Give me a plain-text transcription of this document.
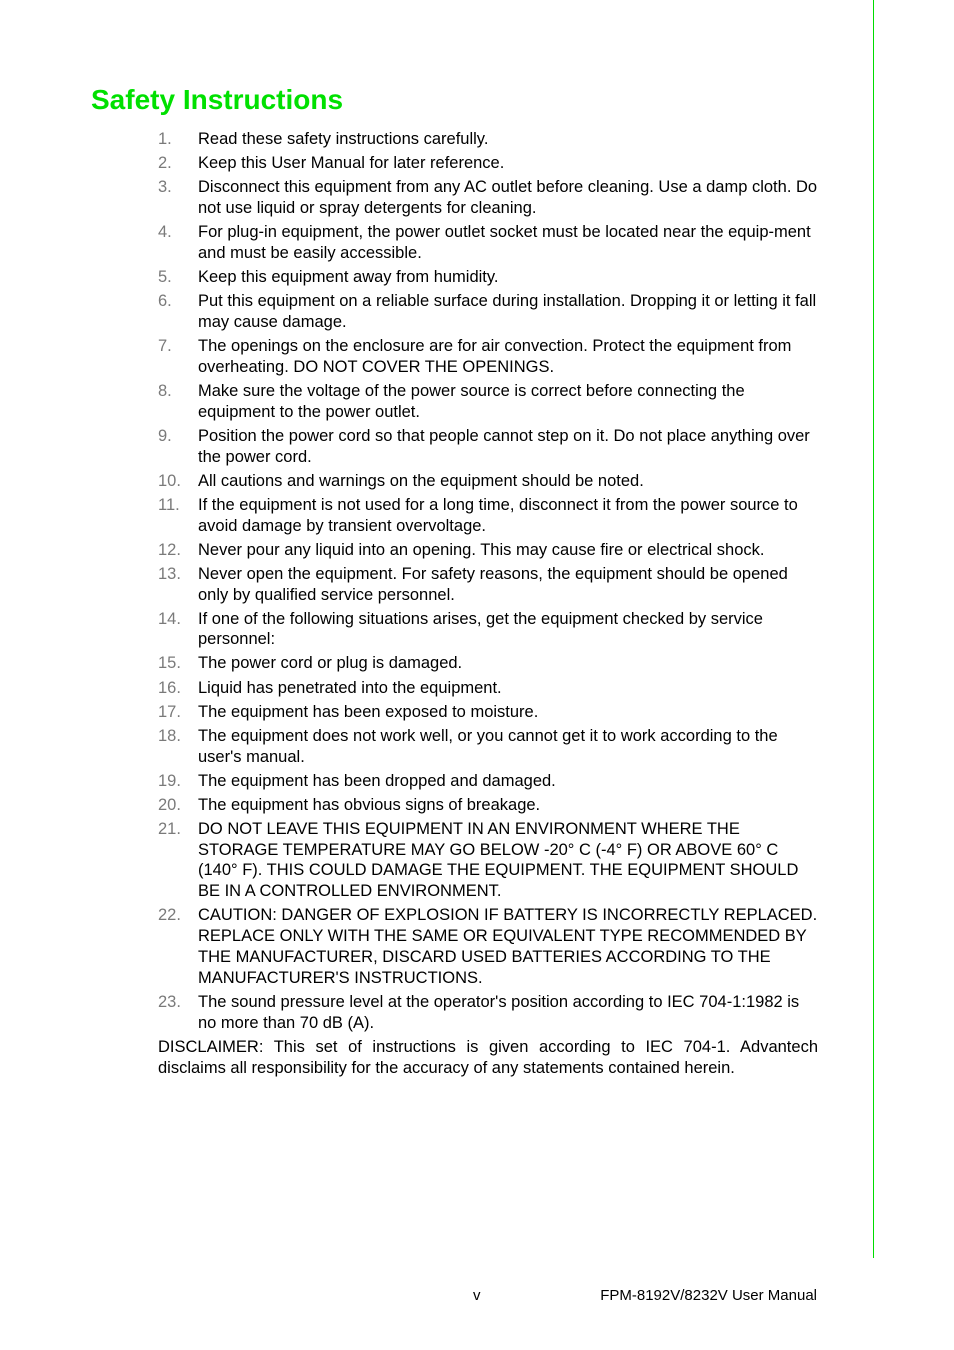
Safety Instructions
1. Read these safety instructions carefully.
2. Keep this User Manual for later reference.
3. Disconnect this equipment from any AC outlet before cleaning. Use a damp cloth. Do not use liquid or spray detergents for cleaning.
4. For plug-in equipment, the power outlet socket must be located near the equip-ment and must be easily accessible.
5. Keep this equipment away from humidity.
6. Put this equipment on a reliable surface during installation. Dropping it or letting it fall may cause damage.
7. The openings on the enclosure are for air convection. Protect the equipment from overheating. DO NOT COVER THE OPENINGS.
8. Make sure the voltage of the power source is correct before connecting the equipment to the power outlet.
9. Position the power cord so that people cannot step on it. Do not place anything over the power cord.
10. All cautions and warnings on the equipment should be noted.
11. If the equipment is not used for a long time, disconnect it from the power source to avoid damage by transient overvoltage.
12. Never pour any liquid into an opening. This may cause fire or electrical shock.
13. Never open the equipment. For safety reasons, the equipment should be opened only by qualified service personnel.
14. If one of the following situations arises, get the equipment checked by service personnel:
15. The power cord or plug is damaged.
16. Liquid has penetrated into the equipment.
17. The equipment has been exposed to moisture.
18. The equipment does not work well, or you cannot get it to work according to the user's manual.
19. The equipment has been dropped and damaged.
20. The equipment has obvious signs of breakage.
21. DO NOT LEAVE THIS EQUIPMENT IN AN ENVIRONMENT WHERE THE STORAGE TEMPERATURE MAY GO BELOW -20° C (-4° F) OR ABOVE 60° C (140° F). THIS COULD DAMAGE THE EQUIPMENT. THE EQUIPMENT SHOULD BE IN A CONTROLLED ENVIRONMENT.
22. CAUTION: DANGER OF EXPLOSION IF BATTERY IS INCORRECTLY REPLACED. REPLACE ONLY WITH THE SAME OR EQUIVALENT TYPE RECOMMENDED BY THE MANUFACTURER, DISCARD USED BATTERIES ACCORDING TO THE MANUFACTURER'S INSTRUCTIONS.
23. The sound pressure level at the operator's position according to IEC 704-1:1982 is no more than 70 dB (A).

DISCLAIMER: This set of instructions is given according to IEC 704-1. Advantech disclaims all responsibility for the accuracy of any statements contained herein.

v	FPM-8192V/8232V User Manual
